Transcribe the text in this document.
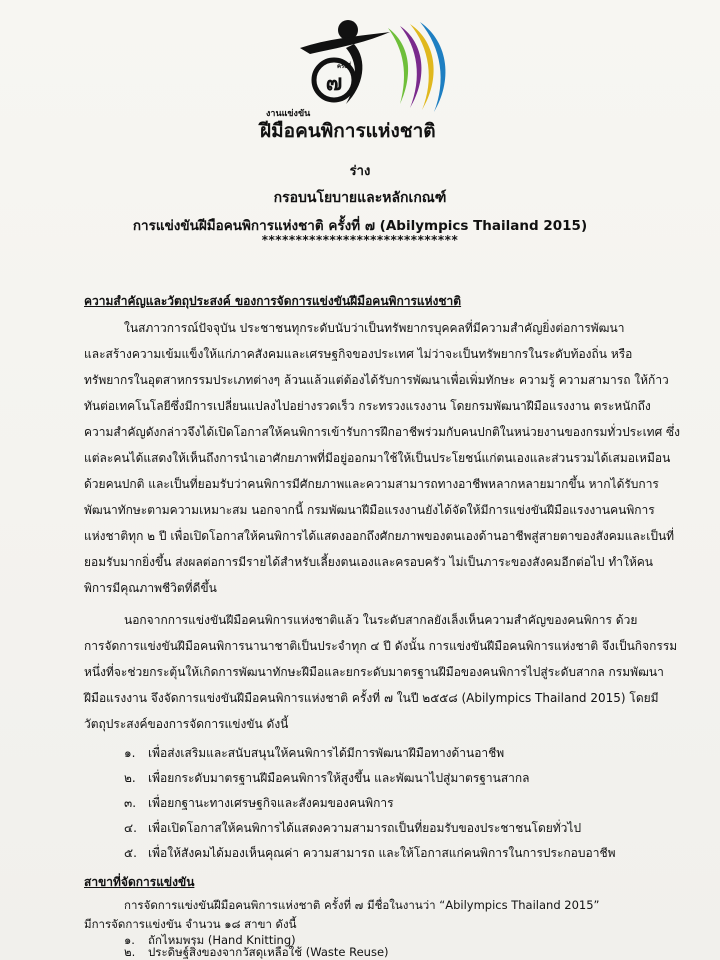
๗
ครั้งที่
งานแข่งขัน
ฝีมือคนพิการแห่งชาติ
ร่าง
กรอบนโยบายและหลักเกณฑ์
การแข่งขันฝีมือคนพิการแห่งชาติ ครั้งที่ ๗ (Abilympics Thailand 2015)
*****************************
ความสำคัญและวัตถุประสงค์ ของการจัดการแข่งขันฝีมือคนพิการแห่งชาติ
ในสภาวการณ์ปัจจุบัน ประชาชนทุกระดับนับว่าเป็นทรัพยากรบุคคลที่มีความสำคัญยิ่งต่อการพัฒนา
และสร้างความเข้มแข็งให้แก่ภาคสังคมและเศรษฐกิจของประเทศ ไม่ว่าจะเป็นทรัพยากรในระดับท้องถิ่น หรือ
ทรัพยากรในอุตสาหกรรมประเภทต่างๆ ล้วนแล้วแต่ต้องได้รับการพัฒนาเพื่อเพิ่มทักษะ ความรู้ ความสามารถ ให้ก้าว
ทันต่อเทคโนโลยีซึ่งมีการเปลี่ยนแปลงไปอย่างรวดเร็ว กระทรวงแรงงาน โดยกรมพัฒนาฝีมือแรงงาน ตระหนักถึง
ความสำคัญดังกล่าวจึงได้เปิดโอกาสให้คนพิการเข้ารับการฝึกอาชีพร่วมกับคนปกติในหน่วยงานของกรมทั่วประเทศ ซึ่ง
แต่ละคนได้แสดงให้เห็นถึงการนำเอาศักยภาพที่มีอยู่ออกมาใช้ให้เป็นประโยชน์แก่ตนเองและส่วนรวมได้เสมอเหมือน
ด้วยคนปกติ และเป็นที่ยอมรับว่าคนพิการมีศักยภาพและความสามารถทางอาชีพหลากหลายมากขึ้น หากได้รับการ
พัฒนาทักษะตามความเหมาะสม นอกจากนี้ กรมพัฒนาฝีมือแรงงานยังได้จัดให้มีการแข่งขันฝีมือแรงงานคนพิการ
แห่งชาติทุก ๒ ปี เพื่อเปิดโอกาสให้คนพิการได้แสดงออกถึงศักยภาพของตนเองด้านอาชีพสู่สายตาของสังคมและเป็นที่
ยอมรับมากยิ่งขึ้น ส่งผลต่อการมีรายได้สำหรับเลี้ยงตนเองและครอบครัว ไม่เป็นภาระของสังคมอีกต่อไป ทำให้คน
พิการมีคุณภาพชีวิตที่ดีขึ้น
นอกจากการแข่งขันฝีมือคนพิการแห่งชาติแล้ว ในระดับสากลยังเล็งเห็นความสำคัญของคนพิการ ด้วย
การจัดการแข่งขันฝีมือคนพิการนานาชาติเป็นประจำทุก ๔ ปี ดังนั้น การแข่งขันฝีมือคนพิการแห่งชาติ จึงเป็นกิจกรรม
หนึ่งที่จะช่วยกระตุ้นให้เกิดการพัฒนาทักษะฝีมือและยกระดับมาตรฐานฝีมือของคนพิการไปสู่ระดับสากล กรมพัฒนา
ฝีมือแรงงาน จึงจัดการแข่งขันฝีมือคนพิการแห่งชาติ ครั้งที่ ๗ ในปี ๒๕๕๘ (Abilympics Thailand 2015) โดยมี
วัตถุประสงค์ของการจัดการแข่งขัน ดังนี้
๑. เพื่อส่งเสริมและสนับสนุนให้คนพิการได้มีการพัฒนาฝีมือทางด้านอาชีพ
๒. เพื่อยกระดับมาตรฐานฝีมือคนพิการให้สูงขึ้น และพัฒนาไปสู่มาตรฐานสากล
๓. เพื่อยกฐานะทางเศรษฐกิจและสังคมของคนพิการ
๔. เพื่อเปิดโอกาสให้คนพิการได้แสดงความสามารถเป็นที่ยอมรับของประชาชนโดยทั่วไป
๕. เพื่อให้สังคมได้มองเห็นคุณค่า ความสามารถ และให้โอกาสแก่คนพิการในการประกอบอาชีพ
สาขาที่จัดการแข่งขัน
การจัดการแข่งขันฝีมือคนพิการแห่งชาติ ครั้งที่ ๗ มีชื่อในงานว่า “Abilympics Thailand 2015”
มีการจัดการแข่งขัน จำนวน ๑๘ สาขา ดังนี้
๑. ถักไหมพรม (Hand Knitting)
๒. ประดิษฐ์สิ่งของจากวัสดุเหลือใช้ (Waste Reuse)
